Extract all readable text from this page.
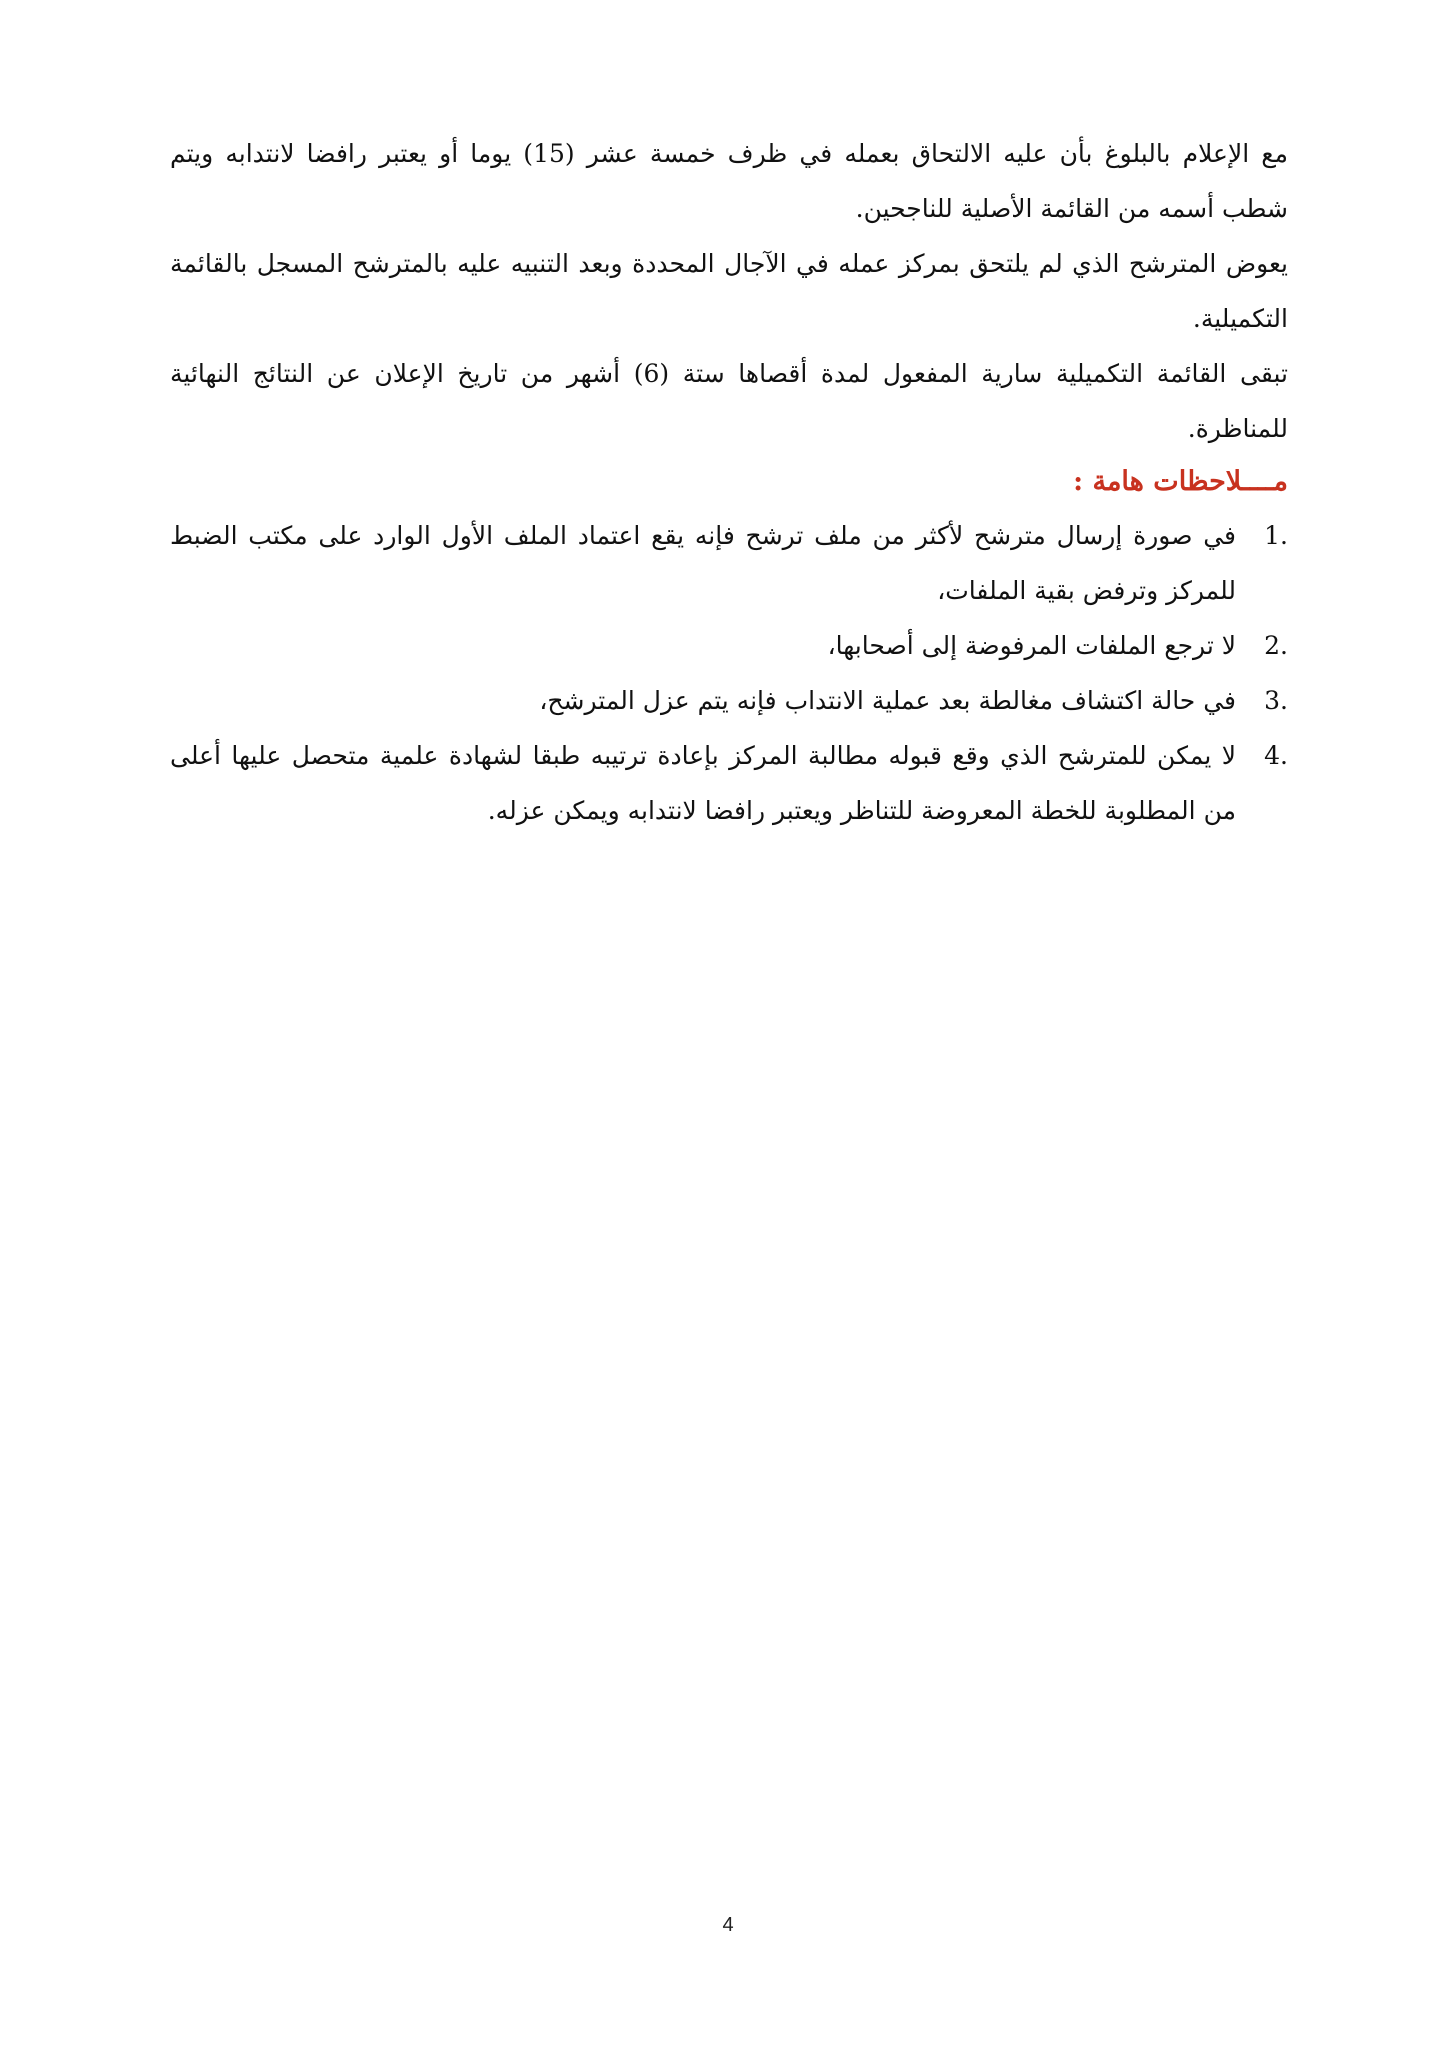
مع الإعلام بالبلوغ بأن عليه الالتحاق بعمله في ظرف خمسة عشر (15) يوما أو يعتبر رافضا لانتدابه ويتم شطب أسمه من القائمة الأصلية للناجحين.

يعوض المترشح الذي لم يلتحق بمركز عمله في الآجال المحددة وبعد التنبيه عليه بالمترشح المسجل بالقائمة التكميلية.

تبقى القائمة التكميلية سارية المفعول لمدة أقصاها ستة (6) أشهر من تاريخ الإعلان عن النتائج النهائية للمناظرة.

مــــلاحظات هامة :

1.
في صورة إرسال مترشح لأكثر من ملف ترشح فإنه يقع اعتماد الملف الأول الوارد على مكتب الضبط للمركز وترفض بقية الملفات،
2.
لا ترجع الملفات المرفوضة إلى أصحابها،
3.
في حالة اكتشاف مغالطة بعد عملية الانتداب فإنه يتم عزل المترشح،
4.
لا يمكن للمترشح الذي وقع قبوله مطالبة المركز بإعادة ترتيبه طبقا لشهادة علمية متحصل عليها أعلى من المطلوبة للخطة المعروضة للتناظر ويعتبر رافضا لانتدابه ويمكن عزله.
4
